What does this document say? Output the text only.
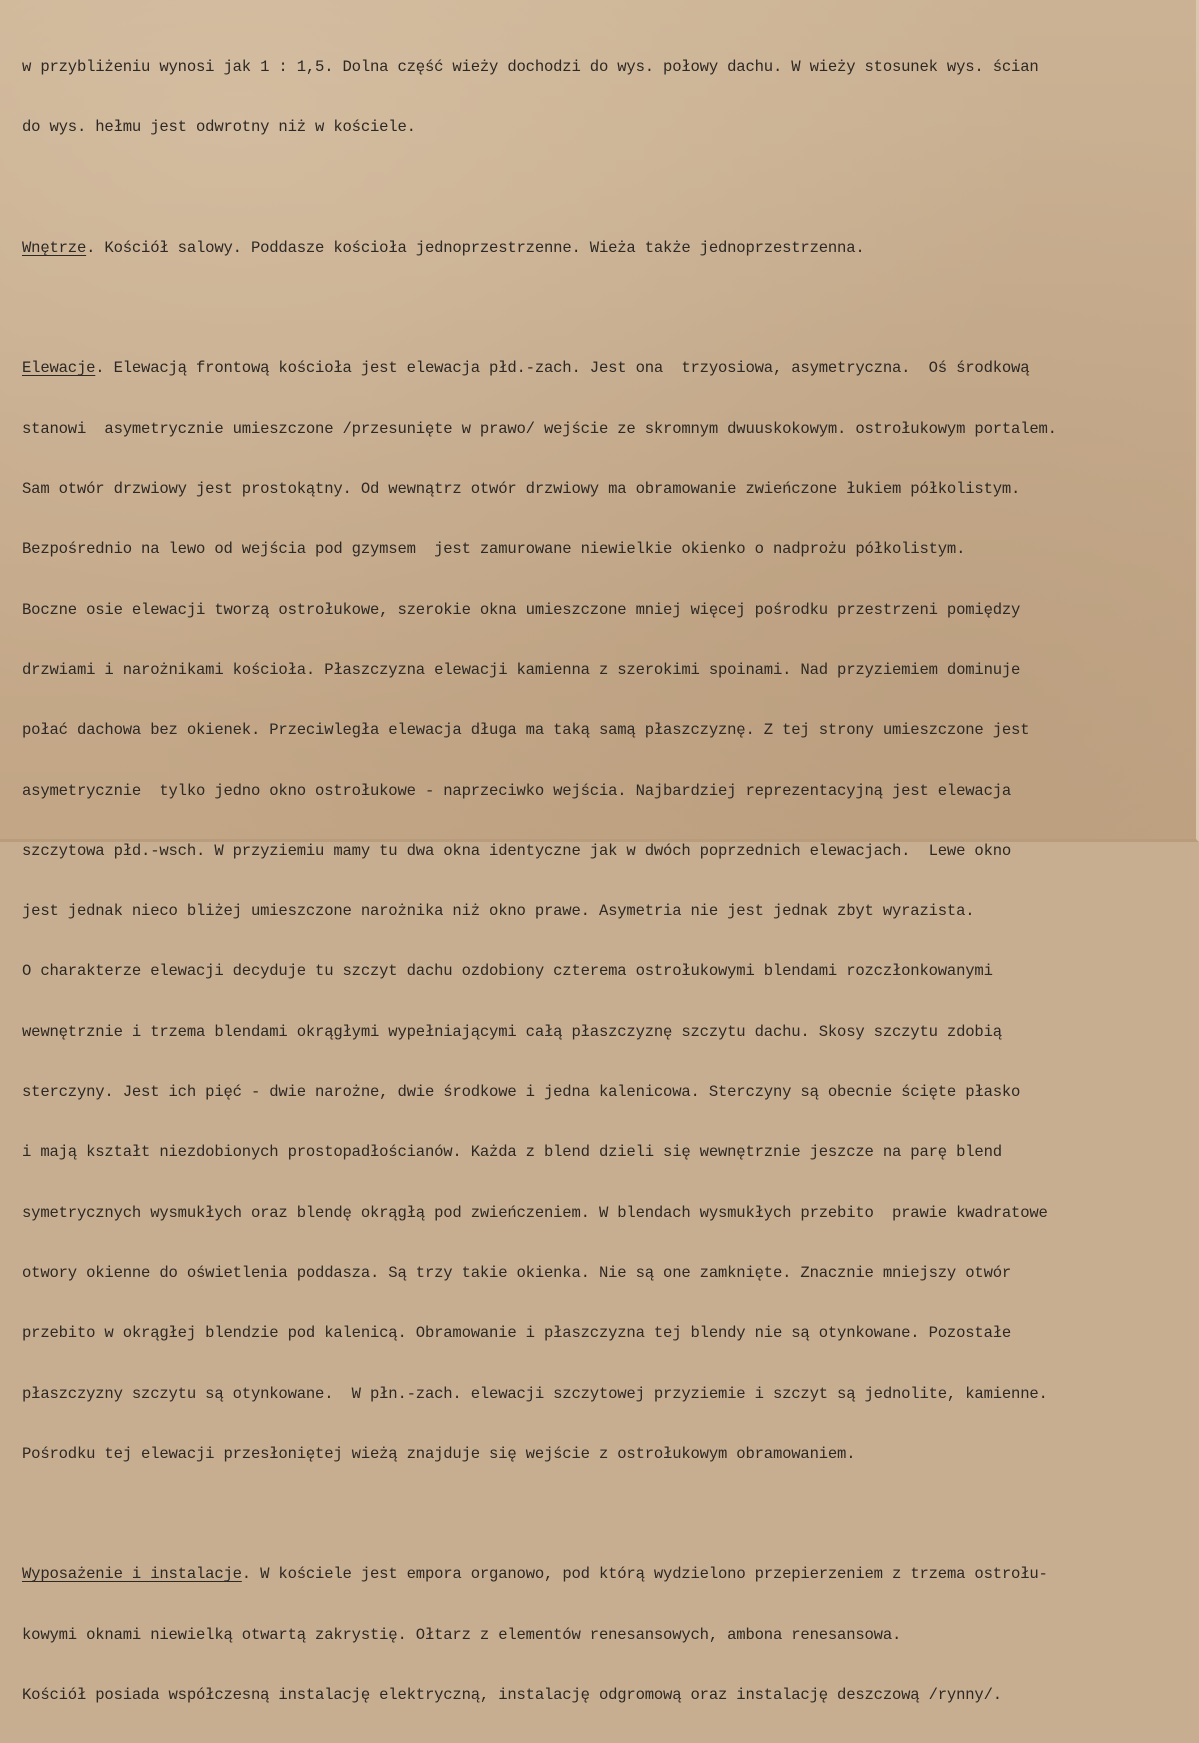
w przybliżeniu wynosi jak 1 : 1,5. Dolna część wieży dochodzi do wys. połowy dachu. W wieży stosunek wys. ścian

do wys. hełmu jest odwrotny niż w kościele.

Wnętrze. Kościół salowy. Poddasze kościoła jednoprzestrzenne. Wieża także jednoprzestrzenna.

Elewacje. Elewacją frontową kościoła jest elewacja płd.-zach. Jest ona  trzyosiowa, asymetryczna.  Oś środkową

stanowi  asymetrycznie umieszczone /przesunięte w prawo/ wejście ze skromnym dwuuskokowym. ostrołukowym portalem.

Sam otwór drzwiowy jest prostokątny. Od wewnątrz otwór drzwiowy ma obramowanie zwieńczone łukiem półkolistym.

Bezpośrednio na lewo od wejścia pod gzymsem  jest zamurowane niewielkie okienko o nadprożu półkolistym.

Boczne osie elewacji tworzą ostrołukowe, szerokie okna umieszczone mniej więcej pośrodku przestrzeni pomiędzy

drzwiami i narożnikami kościoła. Płaszczyzna elewacji kamienna z szerokimi spoinami. Nad przyziemiem dominuje

połać dachowa bez okienek. Przeciwległa elewacja długa ma taką samą płaszczyznę. Z tej strony umieszczone jest

asymetrycznie  tylko jedno okno ostrołukowe - naprzeciwko wejścia. Najbardziej reprezentacyjną jest elewacja

szczytowa płd.-wsch. W przyziemiu mamy tu dwa okna identyczne jak w dwóch poprzednich elewacjach.  Lewe okno

jest jednak nieco bliżej umieszczone narożnika niż okno prawe. Asymetria nie jest jednak zbyt wyrazista.

O charakterze elewacji decyduje tu szczyt dachu ozdobiony czterema ostrołukowymi blendami rozczłonkowanymi

wewnętrznie i trzema blendami okrągłymi wypełniającymi całą płaszczyznę szczytu dachu. Skosy szczytu zdobią

sterczyny. Jest ich pięć - dwie narożne, dwie środkowe i jedna kalenicowa. Sterczyny są obecnie ścięte płasko

i mają kształt niezdobionych prostopadłościanów. Każda z blend dzieli się wewnętrznie jeszcze na parę blend

symetrycznych wysmukłych oraz blendę okrągłą pod zwieńczeniem. W blendach wysmukłych przebito  prawie kwadratowe

otwory okienne do oświetlenia poddasza. Są trzy takie okienka. Nie są one zamknięte. Znacznie mniejszy otwór

przebito w okrągłej blendzie pod kalenicą. Obramowanie i płaszczyzna tej blendy nie są otynkowane. Pozostałe

płaszczyzny szczytu są otynkowane.  W płn.-zach. elewacji szczytowej przyziemie i szczyt są jednolite, kamienne.

Pośrodku tej elewacji przesłoniętej wieżą znajduje się wejście z ostrołukowym obramowaniem.

Wyposażenie i instalacje. W kościele jest empora organowo, pod którą wydzielono przepierzeniem z trzema ostrołu-

kowymi oknami niewielką otwartą zakrystię. Ołtarz z elementów renesansowych, ambona renesansowa.

Kościół posiada współczesną instalację elektryczną, instalację odgromową oraz instalację deszczową /rynny/.
